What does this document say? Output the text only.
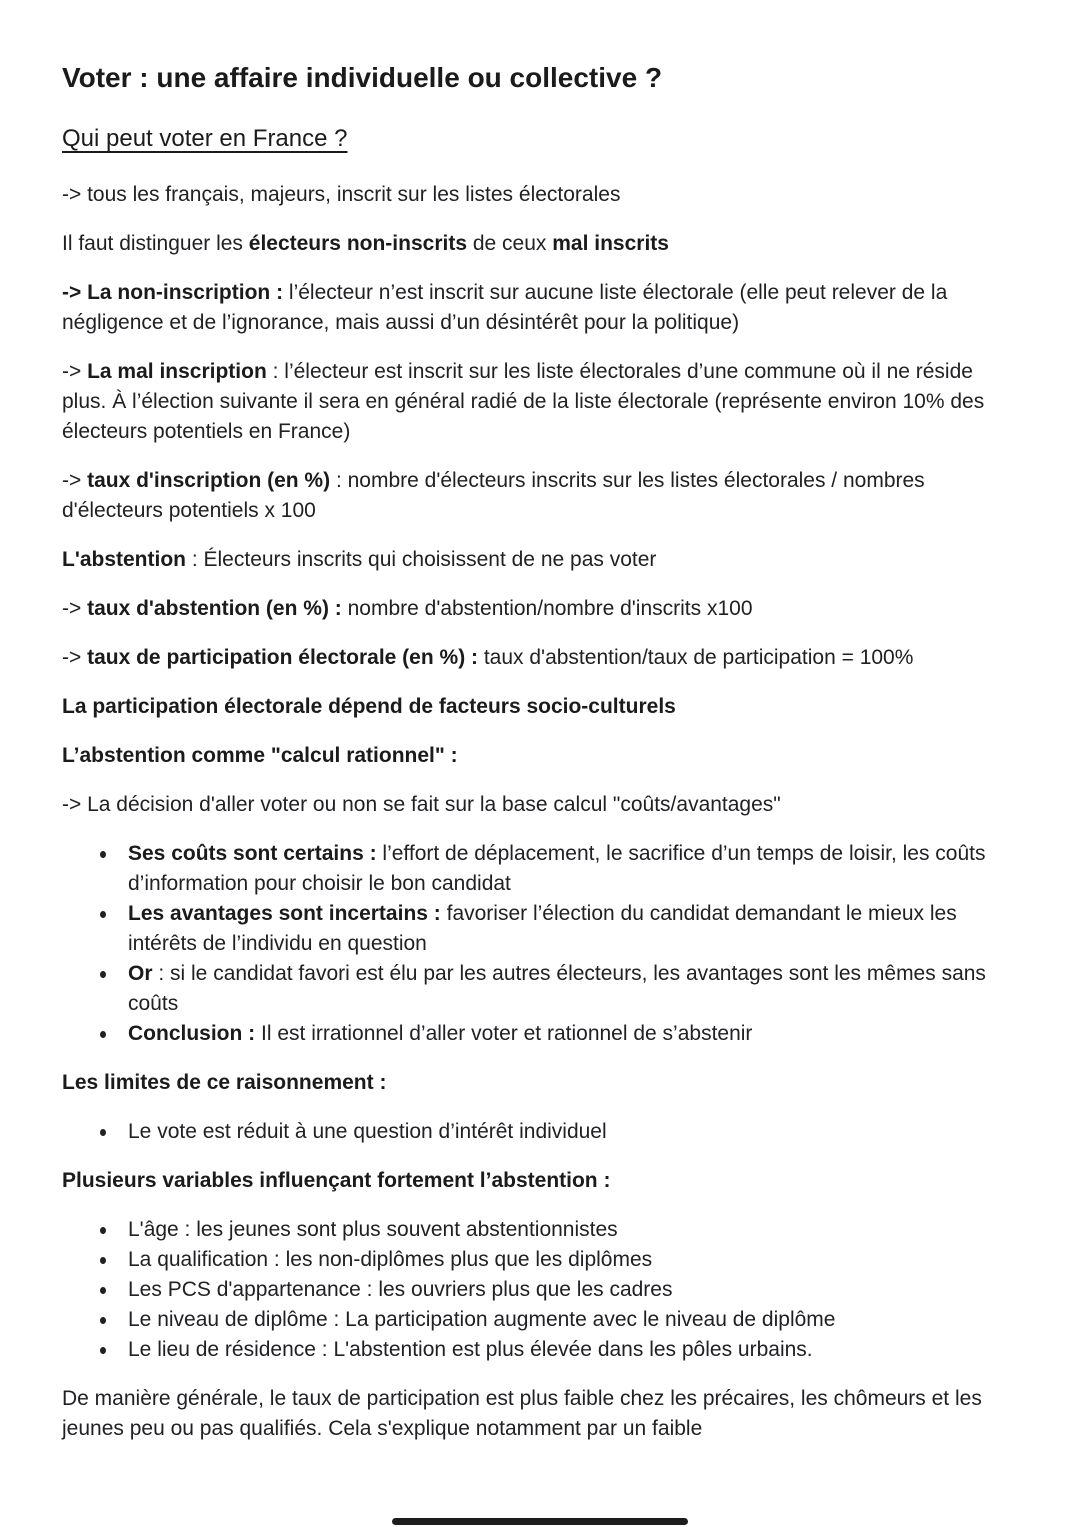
Voter : une affaire individuelle ou collective ?
Qui peut voter en France ?

-> tous les français, majeurs, inscrit sur les listes électorales

Il faut distinguer les électeurs non-inscrits de ceux mal inscrits

-> La non-inscription : l’électeur n’est inscrit sur aucune liste électorale (elle peut relever de la négligence et de l’ignorance, mais aussi d’un désintérêt pour la politique)

-> La mal inscription : l’électeur est inscrit sur les liste électorales d’une commune où il ne réside plus. À l’élection suivante il sera en général radié de la liste électorale (représente environ 10% des électeurs potentiels en France)

-> taux d'inscription (en %) : nombre d'électeurs inscrits sur les listes électorales / nombres d'électeurs potentiels x 100

L'abstention : Électeurs inscrits qui choisissent de ne pas voter

-> taux d'abstention (en %) : nombre d'abstention/nombre d'inscrits x100

-> taux de participation électorale (en %) : taux d'abstention/taux de participation = 100%

La participation électorale dépend de facteurs socio-culturels

L’abstention comme "calcul rationnel" :

-> La décision d'aller voter ou non se fait sur la base calcul "coûts/avantages"

Ses coûts sont certains : l’effort de déplacement, le sacrifice d’un temps de loisir, les coûts d’information pour choisir le bon candidat
Les avantages sont incertains : favoriser l’élection du candidat demandant le mieux les intérêts de l’individu en question
Or : si le candidat favori est élu par les autres électeurs, les avantages sont les mêmes sans coûts
Conclusion : Il est irrationnel d’aller voter et rationnel de s’abstenir

Les limites de ce raisonnement :

Le vote est réduit à une question d’intérêt individuel

Plusieurs variables influençant fortement l’abstention :

L'âge : les jeunes sont plus souvent abstentionnistes
La qualification : les non-diplômes plus que les diplômes
Les PCS d'appartenance : les ouvriers plus que les cadres
Le niveau de diplôme : La participation augmente avec le niveau de diplôme
Le lieu de résidence : L'abstention est plus élevée dans les pôles urbains.

De manière générale, le taux de participation est plus faible chez les précaires, les chômeurs et les jeunes peu ou pas qualifiés. Cela s'explique notamment par un faible
